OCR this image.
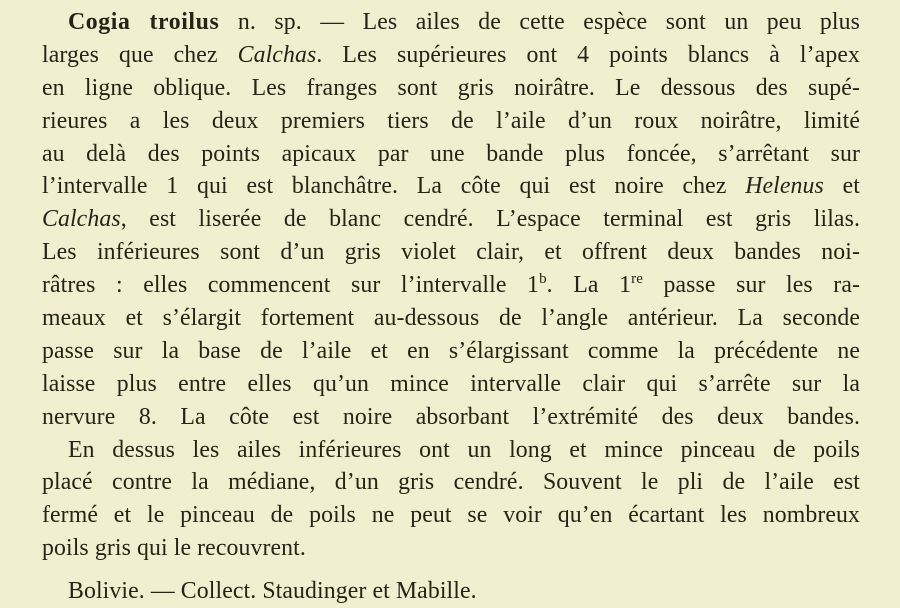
Cogia troilus n. sp. — Les ailes de cette espèce sont un peu plus
larges que chez Calchas. Les supérieures ont 4 points blancs à l’apex
en ligne oblique. Les franges sont gris noirâtre. Le dessous des supé-
rieures a les deux premiers tiers de l’aile d’un roux noirâtre, limité
au delà des points apicaux par une bande plus foncée, s’arrêtant sur
l’intervalle 1 qui est blanchâtre. La côte qui est noire chez Helenus et
Calchas, est liserée de blanc cendré. L’espace terminal est gris lilas.
Les inférieures sont d’un gris violet clair, et offrent deux bandes noi-
râtres : elles commencent sur l’intervalle 1$^b$. La 1re passe sur les ra-
meaux et s’élargit fortement au-dessous de l’angle antérieur. La seconde
passe sur la base de l’aile et en s’élargissant comme la précédente ne
laisse plus entre elles qu’un mince intervalle clair qui s’arrête sur la
nervure 8. La côte est noire absorbant l’extrémité des deux bandes.
En dessus les ailes inférieures ont un long et mince pinceau de poils
placé contre la médiane, d’un gris cendré. Souvent le pli de l’aile est
fermé et le pinceau de poils ne peut se voir qu’en écartant les nombreux
poils gris qui le recouvrent.
Bolivie. — Collect. Staudinger et Mabille.
